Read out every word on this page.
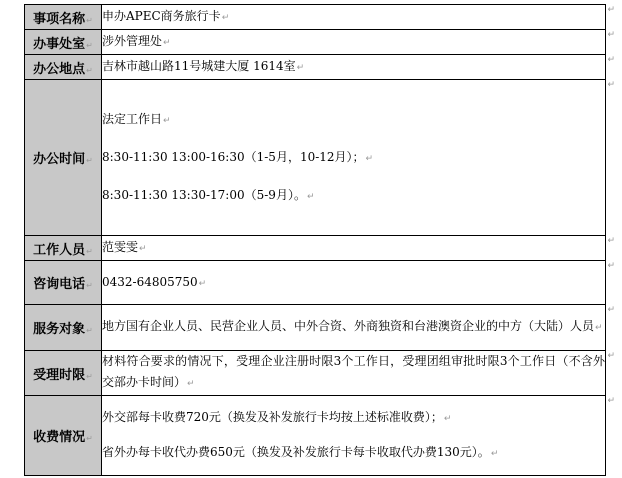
事项名称↵	申办APEC商务旅行卡↵
↵

办事处室↵	涉外管理处↵
↵

办公地点↵	吉林市越山路11号城建大厦 1614室↵
↵

办公时间↵	法定工作日↵
8:30-11:30 13:00-16:30（1-5月，10-12月）；↵
8:30-11:30 13:30-17:00（5-9月）。↵
↵

工作人员↵	范雯雯↵
↵

咨询电话↵	0432-64805750↵
↵

服务对象↵	地方国有企业人员、民营企业人员、中外合资、外商独资和台港澳资企业的中方（大陆）人员↵
↵

受理时限↵	材料符合要求的情况下，受理企业注册时限3个工作日，受理团组审批时限3个工作日（不含外交部办卡时间）↵
↵

收费情况↵	外交部每卡收费720元（换发及补发旅行卡均按上述标准收费）；↵
省外办每卡收代办费650元（换发及补发旅行卡每卡收取代办费130元）。↵
↵
